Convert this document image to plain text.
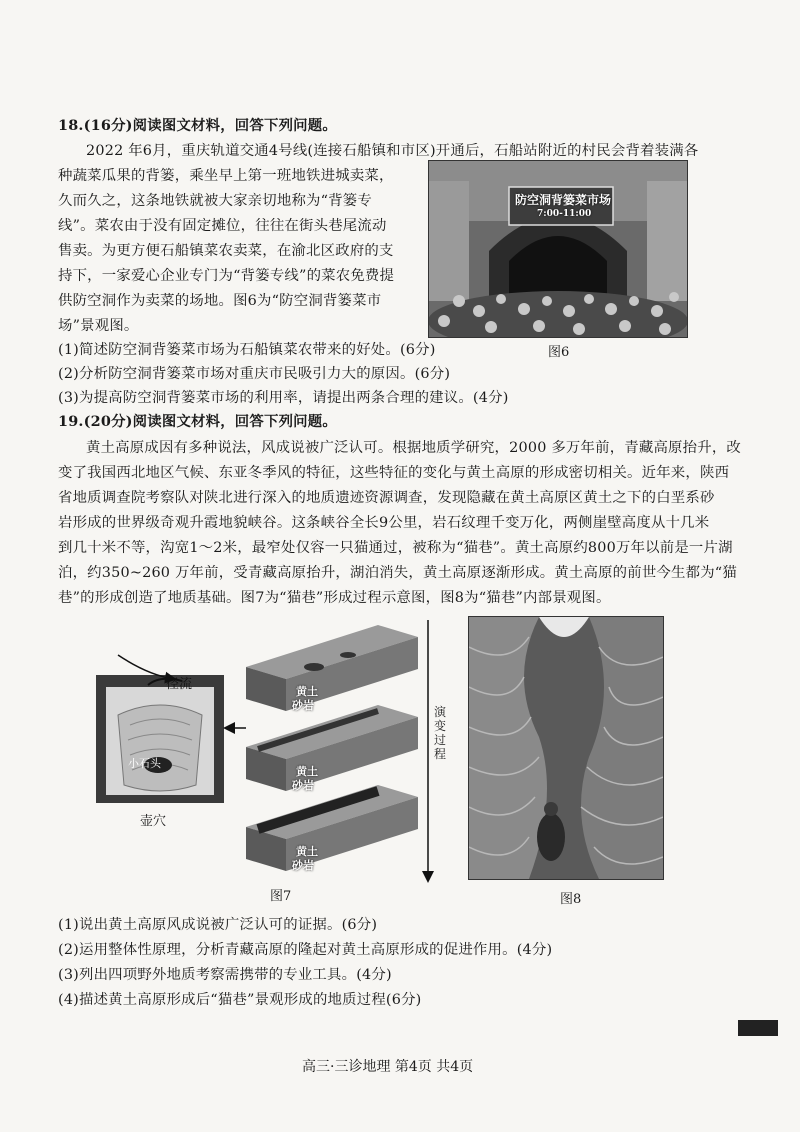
18.(16分)阅读图文材料，回答下列问题。
2022 年6月，重庆轨道交通4号线(连接石船镇和市区)开通后，石船站附近的村民会背着装满各
种蔬菜瓜果的背篓，乘坐早上第一班地铁进城卖菜，
久而久之，这条地铁就被大家亲切地称为“背篓专
线”。菜农由于没有固定摊位，往往在街头巷尾流动
售卖。为更方便石船镇菜农卖菜，在渝北区政府的支
持下，一家爱心企业专门为“背篓专线”的菜农免费提
供防空洞作为卖菜的场地。图6为“防空洞背篓菜市
场”景观图。
防空洞背篓菜市场
7:00-11:00
图6
(1)简述防空洞背篓菜市场为石船镇菜农带来的好处。(6分)
(2)分析防空洞背篓菜市场对重庆市民吸引力大的原因。(6分)
(3)为提高防空洞背篓菜市场的利用率，请提出两条合理的建议。(4分)
19.(20分)阅读图文材料，回答下列问题。
黄土高原成因有多种说法，风成说被广泛认可。根据地质学研究，2000 多万年前，青藏高原抬升，改
变了我国西北地区气候、东亚冬季风的特征，这些特征的变化与黄土高原的形成密切相关。近年来，陕西
省地质调查院考察队对陕北进行深入的地质遗迹资源调查，发现隐藏在黄土高原区黄土之下的白垩系砂
岩形成的世界级奇观升霞地貌峡谷。这条峡谷全长9公里，岩石纹理千变万化，两侧崖壁高度从十几米
到几十米不等，沟宽1～2米，最窄处仅容一只猫通过，被称为“猫巷”。黄土高原约800万年以前是一片湖
泊，约350~260 万年前，受青藏高原抬升，湖泊消失，黄土高原逐渐形成。黄土高原的前世今生都为“猫
巷”的形成创造了地质基础。图7为“猫巷”形成过程示意图，图8为“猫巷”内部景观图。
径流
小石头
壶穴
黄土
砂岩
黄土
砂岩
黄土
砂岩
演变过程
图7	图8
(1)说出黄土高原风成说被广泛认可的证据。(6分)
(2)运用整体性原理，分析青藏高原的隆起对黄土高原形成的促进作用。(4分)
(3)列出四项野外地质考察需携带的专业工具。(4分)
(4)描述黄土高原形成后“猫巷”景观形成的地质过程(6分)
高三·三诊地理 第4页 共4页
